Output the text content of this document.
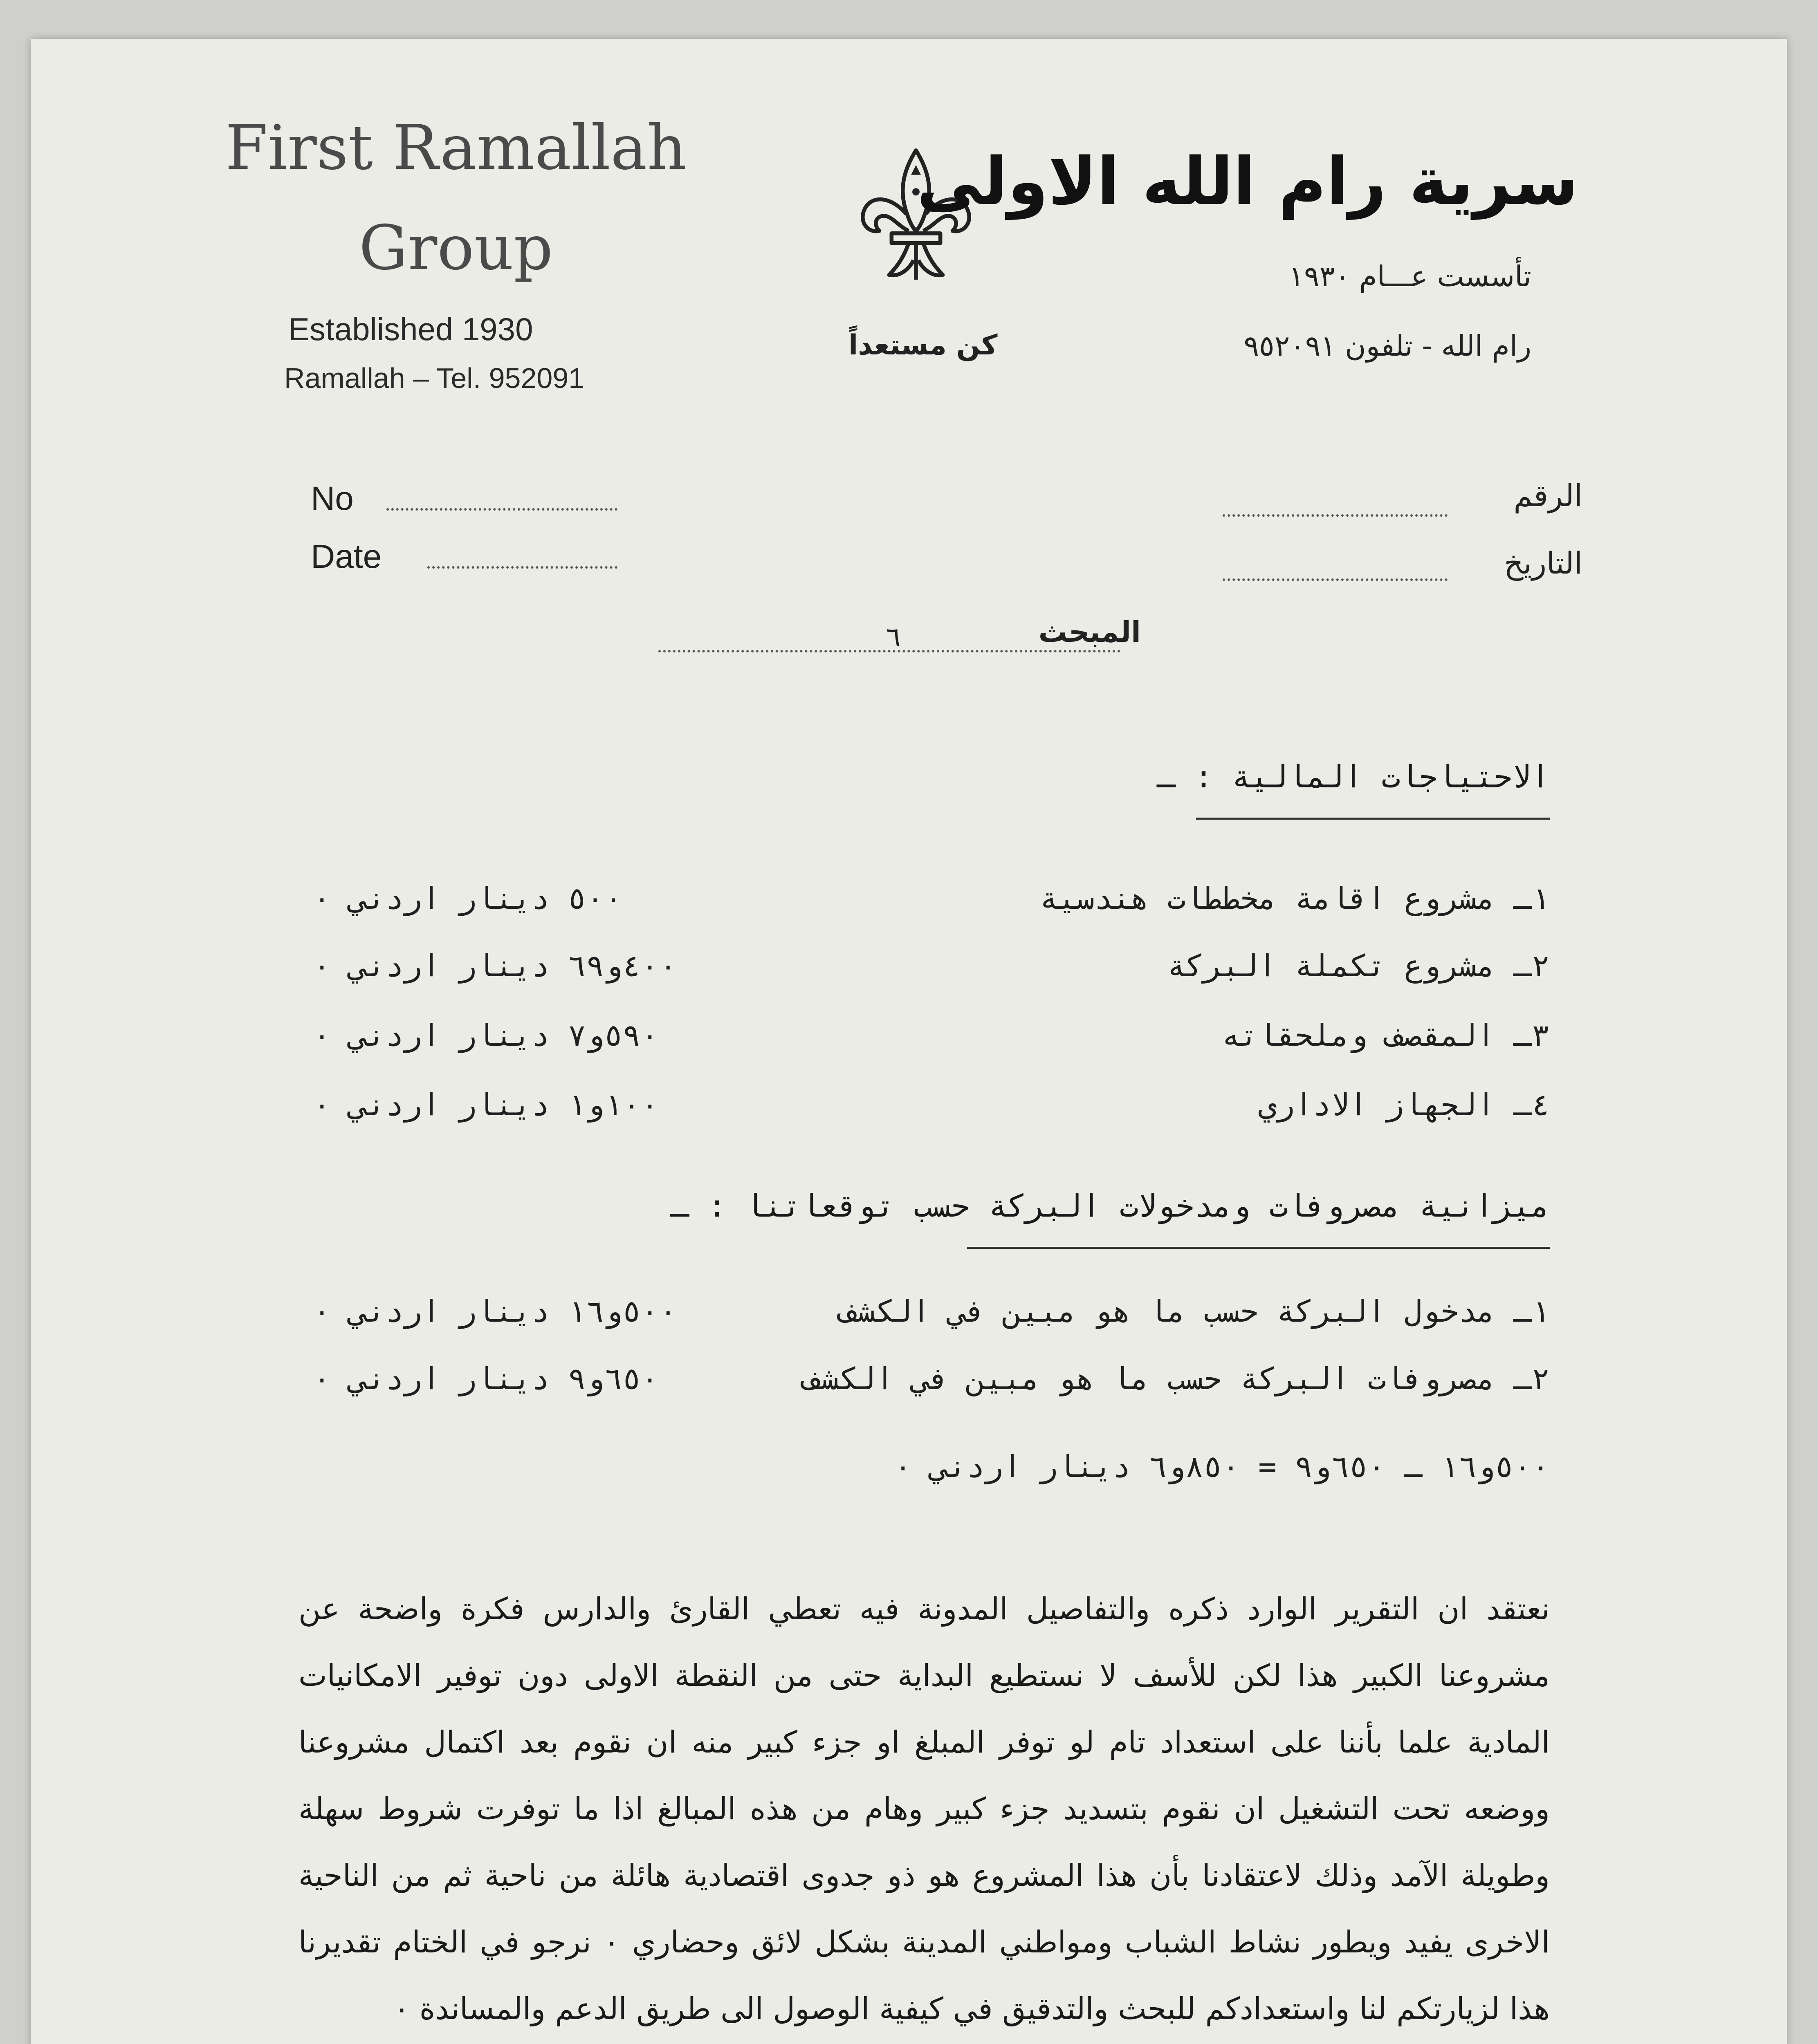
First Ramallah
Group
Established 1930
Ramallah – Tel. 952091
كن مستعداً
سرية رام الله الاولى
تأسست عـــام ١٩٣٠
رام الله - تلفون ٩٥٢٠٩١
No
Date
الرقم
التاريخ
المبحث
٦
الاحتياجات المالية : ـ
١ـ مشروع اقامة مخططات هندسية
٥٠٠ دينار اردني ٠
٢ـ مشروع تكملة البركة
٤٠٠و٦٩ دينار اردني ٠
٣ـ المقصف وملحقاته
٥٩٠و٧ دينار اردني ٠
٤ـ الجهاز الاداري
١٠٠و١ دينار اردني ٠
ميزانية مصروفات ومدخولات البركة حسب توقعاتنا : ـ
١ـ مدخول البركة حسب ما هو مبين في الكشف
٥٠٠و١٦ دينار اردني ٠
٢ـ مصروفات البركة حسب ما هو مبين في الكشف
٦٥٠و٩ دينار اردني ٠
٥٠٠و١٦ ـ ٦٥٠و٩ = ٨٥٠و٦ دينار اردني ٠
نعتقد ان التقرير الوارد ذكره والتفاصيل المدونة فيه تعطي القارئ والدارس فكرة واضحة عن مشروعنا الكبير هذا لكن للأسف لا نستطيع البداية حتى من النقطة الاولى دون توفير الامكانيات المادية علما بأننا على استعداد تام لو توفر المبلغ او جزء كبير منه ان نقوم بعد اكتمال مشروعنا ووضعه تحت التشغيل ان نقوم بتسديد جزء كبير وهام من هذه المبالغ اذا ما توفرت شروط سهلة وطويلة الآمد وذلك لاعتقادنا بأن هذا المشروع هو ذو جدوى اقتصادية هائلة من ناحية ثم من الناحية الاخرى يفيد ويطور نشاط الشباب ومواطني المدينة بشكل لائق وحضاري ٠ نرجو في الختام تقديرنا هذا لزيارتكم لنا واستعدادكم للبحث والتدقيق في كيفية الوصول الى طريق الدعم والمساندة ٠
